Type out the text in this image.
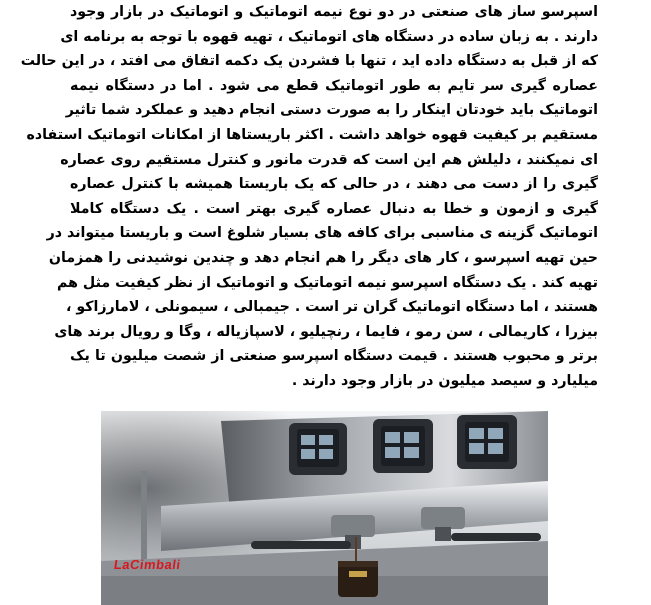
اسپرسو ساز های صنعتی در دو نوع نیمه اتوماتیک و اتوماتیک در بازار وجود
دارند . به زبان ساده در دستگاه های اتوماتیک ، تهیه قهوه با توجه به برنامه ای
که از قبل به دستگاه داده اید ، تنها با فشردن یک دکمه اتفاق می افتد ، در این حالت
عصاره گیری سر تایم به طور اتوماتیک قطع می شود . اما در دستگاه نیمه
اتوماتیک باید خودتان اینکار را به صورت دستی انجام دهید و عملکرد شما تاثیر
مستقیم بر کیفیت قهوه خواهد داشت . اکثر باریستاها از امکانات اتوماتیک استفاده
ای نمیکنند ، دلیلش هم این است که قدرت مانور و کنترل مستقیم روی عصاره
گیری را از دست می دهند ، در حالی که یک باریستا همیشه با کنترل عصاره
گیری و ازمون و خطا به دنبال عصاره گیری بهتر است . یک دستگاه کاملا
اتوماتیک گزینه ی مناسبی برای کافه های بسیار شلوغ است و باریستا میتواند در
حین تهیه اسپرسو ، کار های دیگر را هم انجام دهد و چندین نوشیدنی را همزمان
تهیه کند . یک دستگاه اسپرسو نیمه اتوماتیک و اتوماتیک از نظر کیفیت مثل هم
هستند ، اما دستگاه اتوماتیک گران تر است . جیمبالی ، سیمونلی ، لامارزاکو ،
بیزرا ، کاریمالی ، سن رمو ، فایما ، رنچیلیو ، لاسپازیاله ، وگا و رویال برند های
برتر و محبوب هستند . قیمت دستگاه اسپرسو صنعتی از شصت میلیون تا یک
میلیارد و سیصد میلیون در بازار وجود دارند .
LaCimbali
